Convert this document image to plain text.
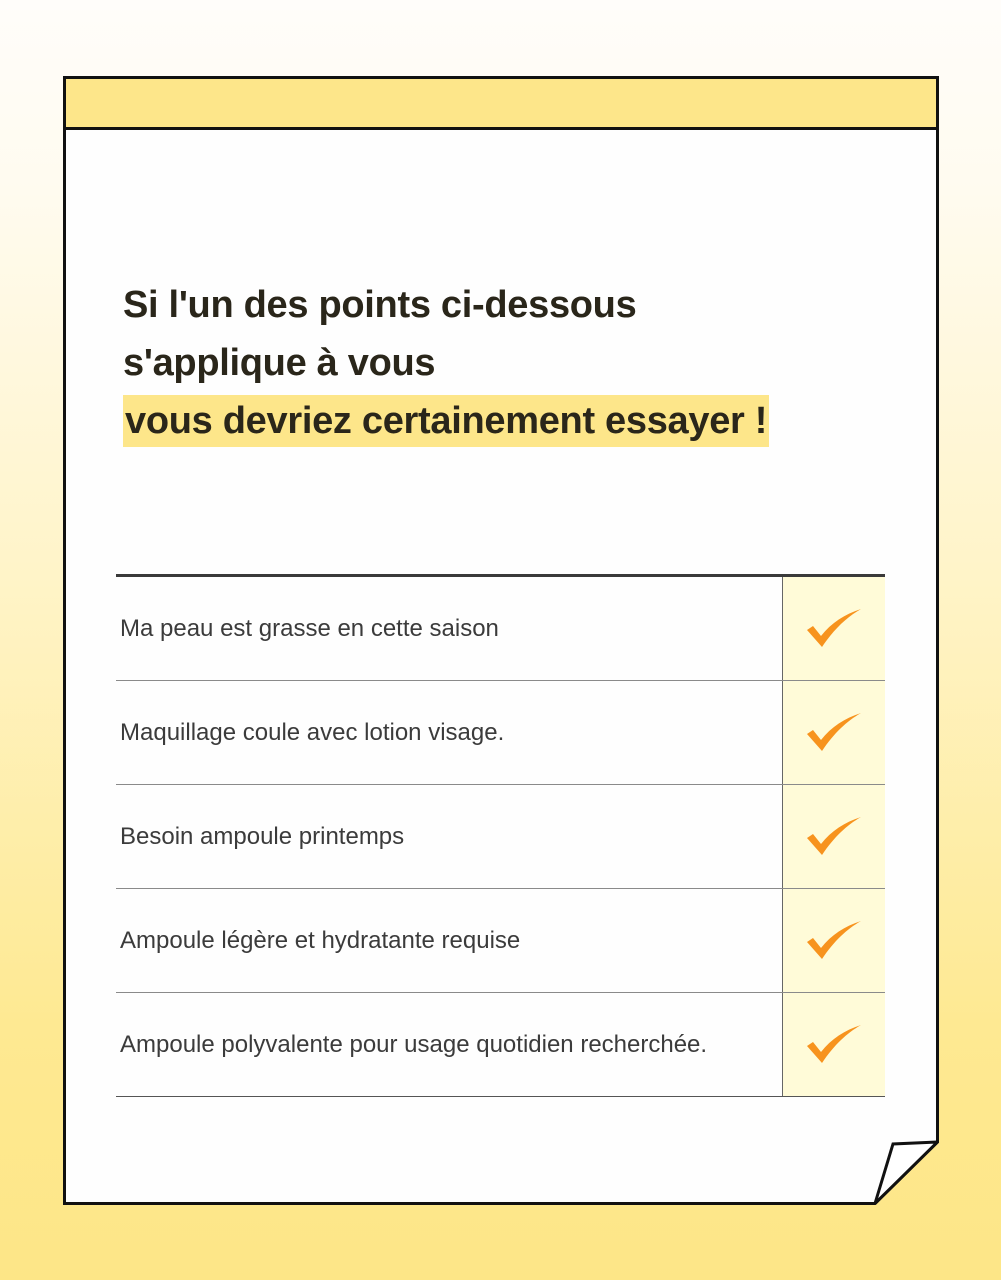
Si l'un des points ci-dessous
s'applique à vous
vous devriez certainement essayer !
Ma peau est grasse en cette saison
Maquillage coule avec lotion visage.
Besoin ampoule printemps
Ampoule légère et hydratante requise
Ampoule polyvalente pour usage quotidien recherchée.
